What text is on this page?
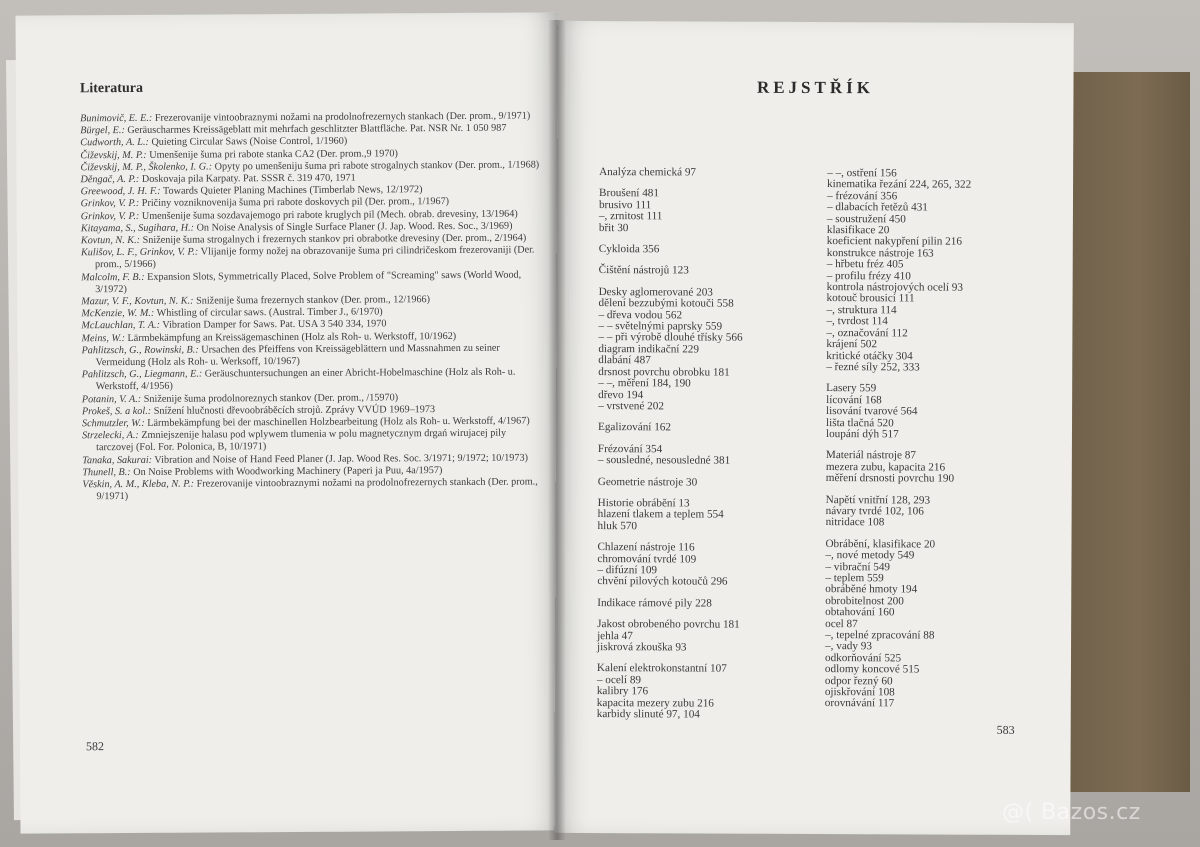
Literatura

Bunimovič, E. E.: Frezerovanije vintoobraznymi nožami na prodolnofrezernych stankach (Der. prom., 9/1971)

Bürgel, E.: Geräuscharmes Kreissägeblatt mit mehrfach geschlitzter Blattfläche. Pat. NSR Nr. 1 050 987

Cudworth, A. L.: Quieting Circular Saws (Noise Control, 1/1960)

Čiževskij, M. P.: Umenšenije šuma pri rabote stanka CA2 (Der. prom.,9 1970)

Čiževskij, M. P., Školenko, I. G.: Opyty po umenšeniju šuma pri rabote strogalnych stankov (Der. prom., 1/1968)

Děngač, A. P.: Doskovaja pila Karpaty. Pat. SSSR č. 319 470, 1971

Greewood, J. H. F.: Towards Quieter Planing Machines (Timberlab News, 12/1972)

Grinkov, V. P.: Pričiny vozniknovenija šuma pri rabote doskovych pil (Der. prom., 1/1967)

Grinkov, V. P.: Umenšenije šuma sozdavajemogo pri rabote kruglych pil (Mech. obrab. drevesiny, 13/1964)

Kitayama, S., Sugihara, H.: On Noise Analysis of Single Surface Planer (J. Jap. Wood. Res. Soc., 3/1969)

Kovtun, N. K.: Sniženije šuma strogalnych i frezernych stankov pri obrabotke drevesiny (Der. prom., 2/1964)

Kulišov, L. F., Grinkov, V. P.: Vlijanije formy nožej na obrazovanije šuma pri cilindričeskom frezerovaniji (Der. prom., 5/1966)

Malcolm, F. B.: Expansion Slots, Symmetrically Placed, Solve Problem of "Screaming" saws (World Wood, 3/1972)

Mazur, V. F., Kovtun, N. K.: Sniženije šuma frezernych stankov (Der. prom., 12/1966)

McKenzie, W. M.: Whistling of circular saws. (Austral. Timber J., 6/1970)

McLauchlan, T. A.: Vibration Damper for Saws. Pat. USA 3 540 334, 1970

Meins, W.: Lärmbekämpfung an Kreissägemaschinen (Holz als Roh- u. Werkstoff, 10/1962)

Pahlitzsch, G., Rowinski, B.: Ursachen des Pfeiffens von Kreissägeblättern und Massnahmen zu seiner Vermeidung (Holz als Roh- u. Werksoff, 10/1967)

Pahlitzsch, G., Liegmann, E.: Geräuschuntersuchungen an einer Abricht-Hobelmaschine (Holz als Roh- u. Werkstoff, 4/1956)

Potanin, V. A.: Sniženije šuma prodolnoreznych stankov (Der. prom., /15970)

Prokeš, S. a kol.: Snížení hlučnosti dřevoobráběcích strojů. Zprávy VVÚD 1969–1973

Schmutzler, W.: Lärmbekämpfung bei der maschinellen Holzbearbeitung (Holz als Roh- u. Werkstoff, 4/1967)

Strzelecki, A.: Zmniejszenije halasu pod wplywem tlumenia w polu magnetycznym drgań wirujacej pily tarczovej (Fol. For. Polonica, B, 10/1971)

Tanaka, Sakurai: Vibration and Noise of Hand Feed Planer (J. Jap. Wood Res. Soc. 3/1971; 9/1972; 10/1973)

Thunell, B.: On Noise Problems with Woodworking Machinery (Paperi ja Puu, 4a/1957)

Věskin, A. M., Kleba, N. P.: Frezerovanije vintoobraznymi nožami na prodolnofrezernych stankach (Der. prom., 9/1971)

582
REJSTŘÍK

Analýza chemická 97

Broušení 481

brusivo 111

–, zrnitost 111

břit 30

Cykloida 356

Čištění nástrojů 123

Desky aglomerované 203

dělení bezzubými kotouči 558

– dřeva vodou 562

– – světelnými paprsky 559

– – při výrobě dlouhé třísky 566

diagram indikační 229

dlabání 487

drsnost povrchu obrobku 181

– –, měření 184, 190

dřevo 194

– vrstvené 202

Egalizování 162

Frézování 354

– sousledné, nesousledné 381

Geometrie nástroje 30

Historie obrábění 13

hlazení tlakem a teplem 554

hluk 570

Chlazení nástroje 116

chromování tvrdé 109

– difúzní 109

chvění pilových kotoučů 296

Indikace rámové pily 228

Jakost obrobeného povrchu 181

jehla 47

jiskrová zkouška 93

Kalení elektrokonstantní 107

– ocelí 89

kalibry 176

kapacita mezery zubu 216

karbidy slinuté 97, 104

– –, ostření 156

kinematika řezání 224, 265, 322

– frézování 356

– dlabacích řetězů 431

– soustružení 450

klasifikace 20

koeficient nakypření pilin 216

konstrukce nástroje 163

– hřbetu fréz 405

– profilu frézy 410

kontrola nástrojových ocelí 93

kotouč brousicí 111

–, struktura 114

–, tvrdost 114

–, označování 112

krájení 502

kritické otáčky 304

– řezné síly 252, 333

Lasery 559

lícování 168

lisování tvarové 564

lišta tlačná 520

loupání dýh 517

Materiál nástroje 87

mezera zubu, kapacita 216

měření drsnosti povrchu 190

Napětí vnitřní 128, 293

návary tvrdé 102, 106

nitridace 108

Obrábění, klasifikace 20

–, nové metody 549

– vibrační 549

– teplem 559

obráběné hmoty 194

obrobitelnost 200

obtahování 160

ocel 87

–, tepelné zpracování 88

–, vady 93

odkorňování 525

odlomy koncové 515

odpor řezný 60

ojiskřování 108

orovnávání 117

583
@( Bazos.cz
